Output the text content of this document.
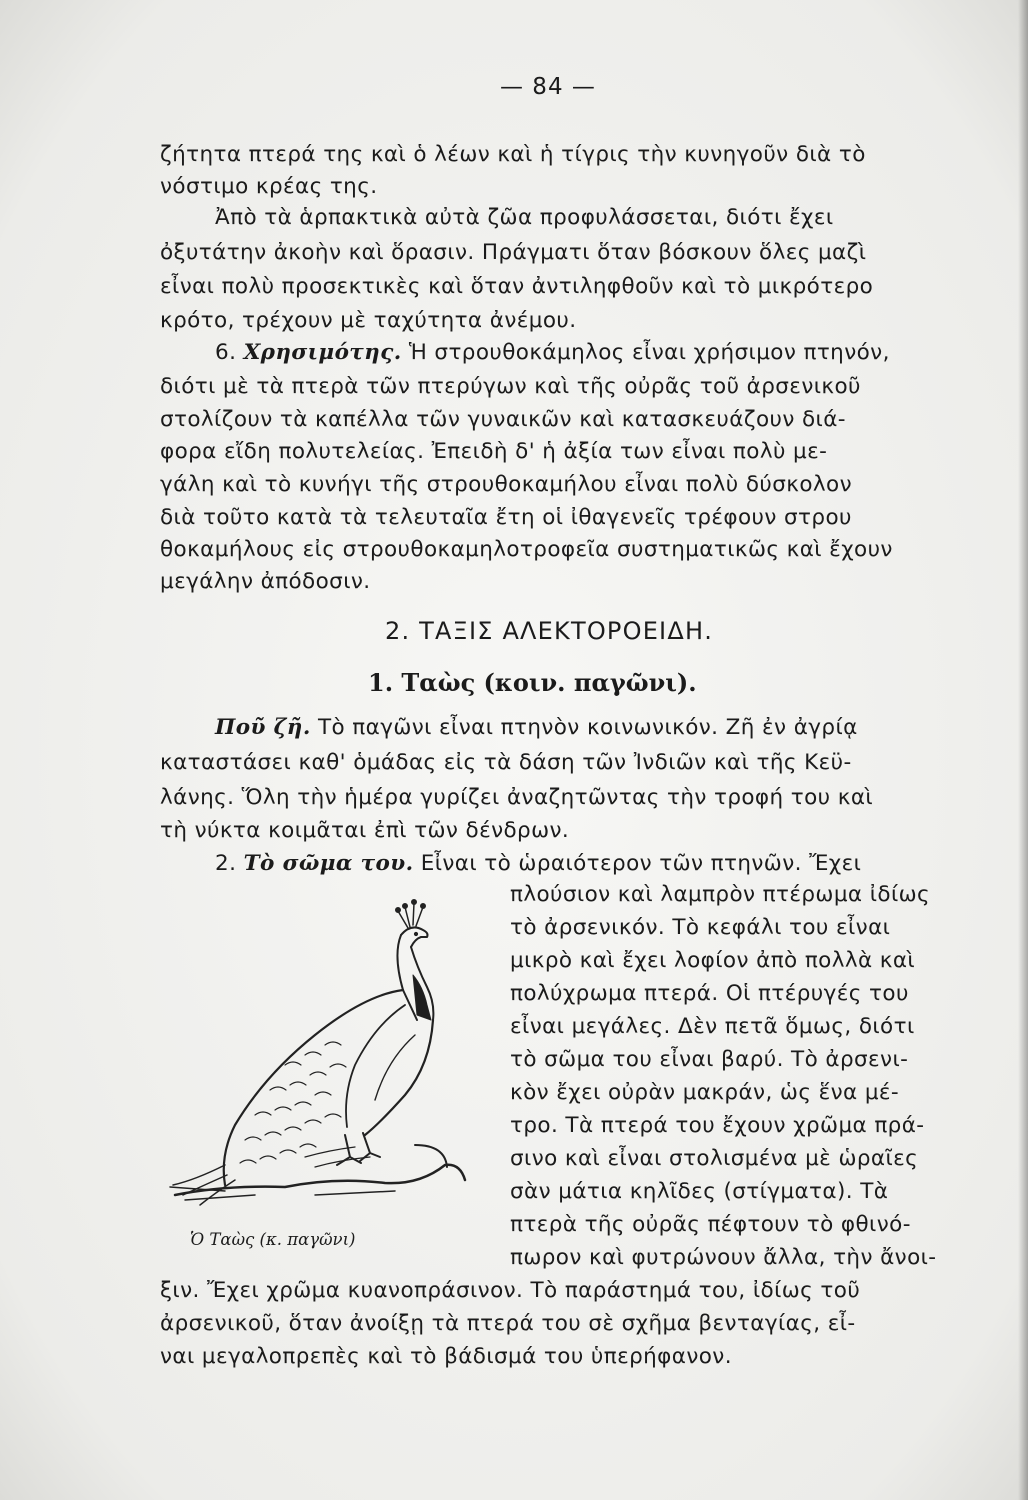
— 84 —
ζήτητα πτερά της καὶ ὁ λέων καὶ ἡ τίγρις τὴν κυνηγοῦν διὰ τὸ
νόστιμο κρέας της.
Ἀπὸ τὰ ἁρπακτικὰ αὐτὰ ζῶα προφυλάσσεται, διότι ἔχει
ὀξυτάτην ἀκοὴν καὶ ὅρασιν. Πράγματι ὅταν βόσκουν ὅλες μαζὶ
εἶναι πολὺ προσεκτικὲς καὶ ὅταν ἀντιληφθοῦν καὶ τὸ μικρότερο
κρότο, τρέχουν μὲ ταχύτητα ἀνέμου.
6. Χρησιμότης. Ἡ στρουθοκάμηλος εἶναι χρήσιμον πτηνόν,
διότι μὲ τὰ πτερὰ τῶν πτερύγων καὶ τῆς οὐρᾶς τοῦ ἀρσενικοῦ
στολίζουν τὰ καπέλλα τῶν γυναικῶν καὶ κατασκευάζουν διά-
φορα εἴδη πολυτελείας. Ἐπειδὴ δ' ἡ ἀξία των εἶναι πολὺ με-
γάλη καὶ τὸ κυνήγι τῆς στρουθοκαμήλου εἶναι πολὺ δύσκολον
διὰ τοῦτο κατὰ τὰ τελευταῖα ἔτη οἱ ἰθαγενεῖς τρέφουν στρου
θοκαμήλους εἰς στρουθοκαμηλοτροφεῖα συστηματικῶς καὶ ἔχουν
μεγάλην ἀπόδοσιν.
2. ΤΑΞΙΣ ΑΛΕΚΤΟΡΟΕΙΔΗ.
1. Ταὼς (κοιν. παγῶνι).
Ποῦ ζῆ. Τὸ παγῶνι εἶναι πτηνὸν κοινωνικόν. Ζῆ ἐν ἀγρίᾳ
καταστάσει καθ' ὁμάδας εἰς τὰ δάση τῶν Ἰνδιῶν καὶ τῆς Κεϋ-
λάνης. Ὅλη τὴν ἡμέρα γυρίζει ἀναζητῶντας τὴν τροφή του καὶ
τὴ νύκτα κοιμᾶται ἐπὶ τῶν δένδρων.
2. Τὸ σῶμα του. Εἶναι τὸ ὡραιότερον τῶν πτηνῶν. Ἔχει
πλούσιον καὶ λαμπρὸν πτέρωμα ἰδίως
τὸ ἀρσενικόν. Τὸ κεφάλι του εἶναι
μικρὸ καὶ ἔχει λοφίον ἀπὸ πολλὰ καὶ
πολύχρωμα πτερά. Οἱ πτέρυγές του
εἶναι μεγάλες. Δὲν πετᾶ ὅμως, διότι
τὸ σῶμα του εἶναι βαρύ. Τὸ ἀρσενι-
κὸν ἔχει οὐρὰν μακράν, ὡς ἕνα μέ-
τρο. Τὰ πτερά του ἔχουν χρῶμα πρά-
σινο καὶ εἶναι στολισμένα μὲ ὡραῖες
σὰν μάτια κηλῖδες (στίγματα). Τὰ
πτερὰ τῆς οὐρᾶς πέφτουν τὸ φθινό-
πωρον καὶ φυτρώνουν ἄλλα, τὴν ἄνοι-
ξιν. Ἔχει χρῶμα κυανοπράσινον. Τὸ παράστημά του, ἰδίως τοῦ
ἀρσενικοῦ, ὅταν ἀνοίξῃ τὰ πτερά του σὲ σχῆμα βενταγίας, εἶ-
ναι μεγαλοπρεπὲς καὶ τὸ βάδισμά του ὑπερήφανον.
Ὁ Ταὼς (κ. παγῶνι)
